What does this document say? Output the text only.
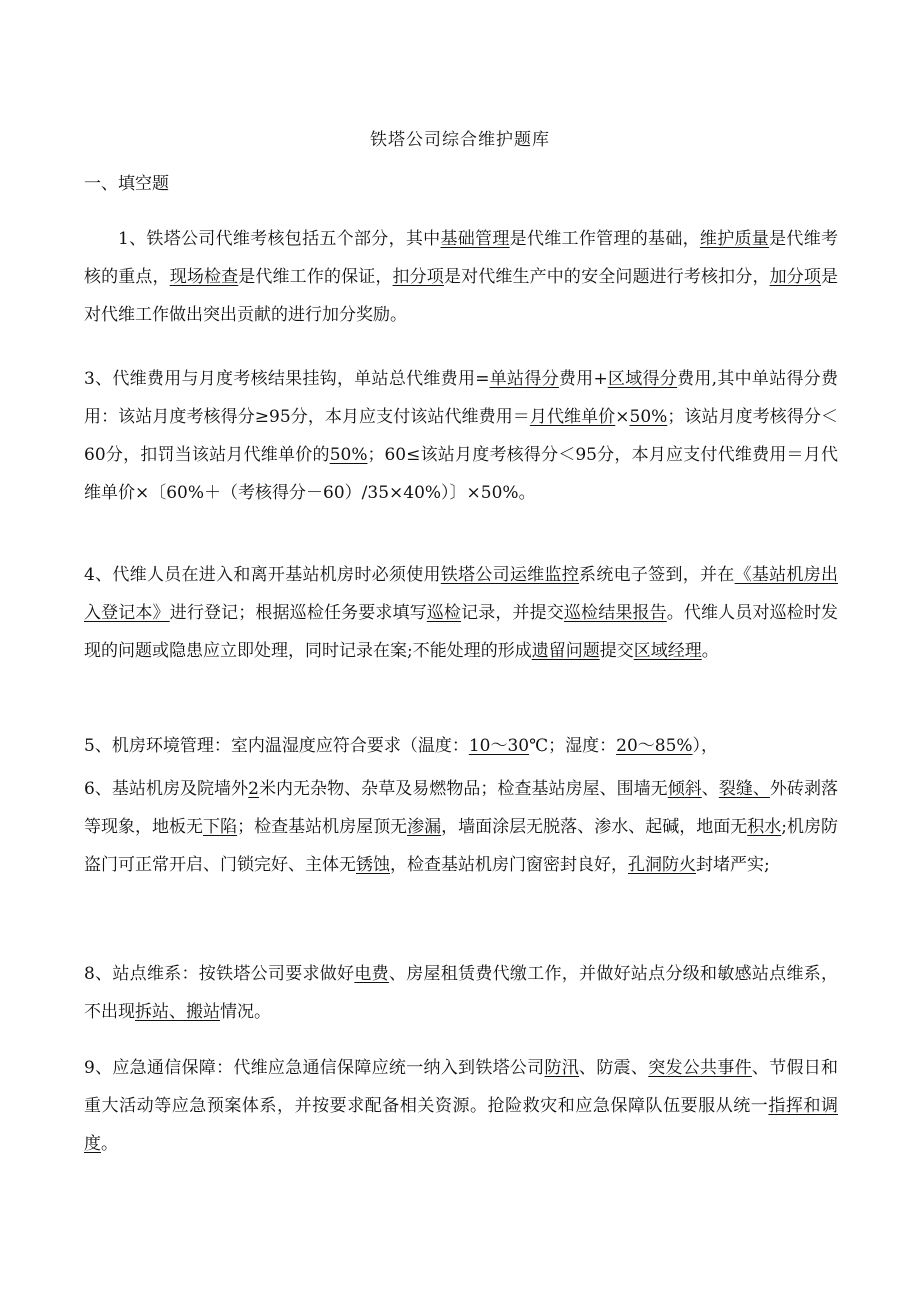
铁塔公司综合维护题库
一、填空题

1、铁塔公司代维考核包括五个部分，其中基础管理是代维工作管理的基础，维护质量是代维考核的重点，现场检查是代维工作的保证，扣分项是对代维生产中的安全问题进行考核扣分，加分项是对代维工作做出突出贡献的进行加分奖励。

3、代维费用与月度考核结果挂钩，单站总代维费用=单站得分费用+区域得分费用,其中单站得分费用：该站月度考核得分≥95分，本月应支付该站代维费用＝月代维单价×50%；该站月度考核得分＜60分，扣罚当该站月代维单价的50%；60≤该站月度考核得分＜95分，本月应支付代维费用＝月代维单价×〔60%＋（考核得分－60）/35×40%）〕×50%。

4、代维人员在进入和离开基站机房时必须使用铁塔公司运维监控系统电子签到，并在《基站机房出入登记本》进行登记；根据巡检任务要求填写巡检记录，并提交巡检结果报告。代维人员对巡检时发现的问题或隐患应立即处理，同时记录在案;不能处理的形成遗留问题提交区域经理。

5、机房环境管理：室内温湿度应符合要求（温度：10～30℃；湿度：20～85%），

6、基站机房及院墙外2米内无杂物、杂草及易燃物品；检查基站房屋、围墙无倾斜、裂缝、外砖剥落等现象，地板无下陷；检查基站机房屋顶无渗漏，墙面涂层无脱落、渗水、起碱，地面无积水;机房防盗门可正常开启、门锁完好、主体无锈蚀，检查基站机房门窗密封良好，孔洞防火封堵严实;

8、站点维系：按铁塔公司要求做好电费、房屋租赁费代缴工作，并做好站点分级和敏感站点维系，不出现拆站、搬站情况。

9、应急通信保障：代维应急通信保障应统一纳入到铁塔公司防汛、防震、突发公共事件、节假日和重大活动等应急预案体系，并按要求配备相关资源。抢险救灾和应急保障队伍要服从统一指挥和调度。
